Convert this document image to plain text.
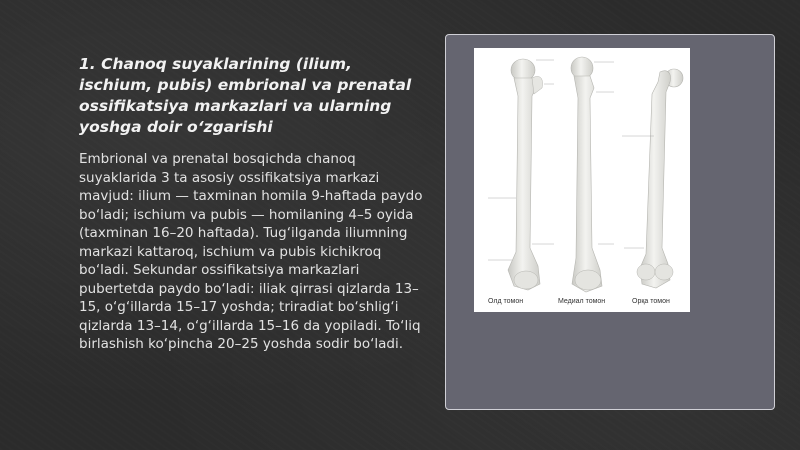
1. Chanoq suyaklarining (ilium, ischium, pubis) embrional va prenatal ossifikatsiya markazlari va ularning yoshga doir o‘zgarishi

Embrional va prenatal bosqichda chanoq suyaklarida 3 ta asosiy ossifikatsiya markazi mavjud: ilium — taxminan homila 9-haftada paydo bo‘ladi; ischium va pubis — homilaning 4–5 oyida (taxminan 16–20 haftada). Tug‘ilganda iliumning markazi kattaroq, ischium va pubis kichikroq bo‘ladi. Sekundar ossifikatsiya markazlari pubertetda paydo bo‘ladi: iliak qirrasi qizlarda 13–15, o‘g‘illarda 15–17 yoshda; triradiat bo‘shlig‘i qizlarda 13–14, o‘g‘illarda 15–16 da yopiladi. To‘liq birlashish ko‘pincha 20–25 yoshda sodir bo‘ladi.

Олд томон	Медиал томон	Орқа томон
